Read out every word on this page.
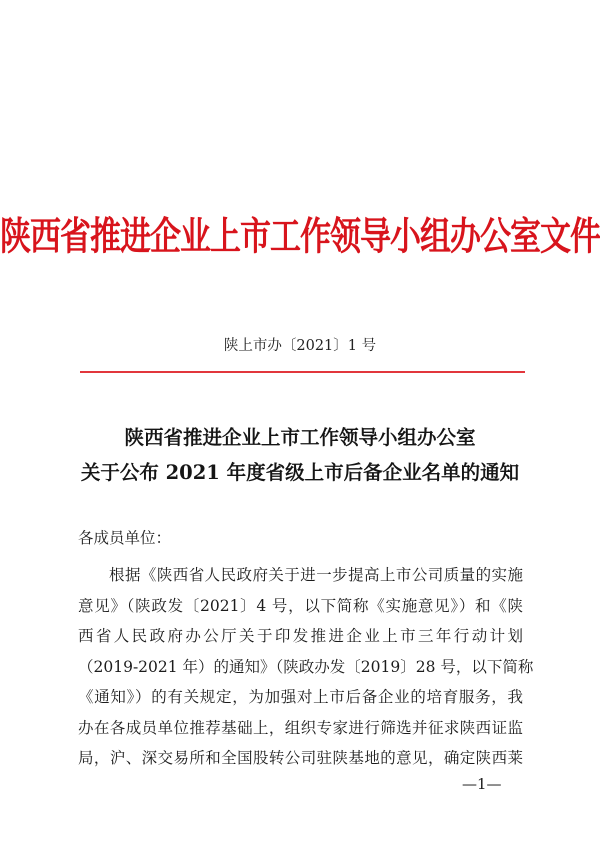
陕西省推进企业上市工作领导小组办公室文件
陕上市办〔2021〕1 号
陕西省推进企业上市工作领导小组办公室
关于公布 2021 年度省级上市后备企业名单的通知
各成员单位：
根据《陕西省人民政府关于进一步提高上市公司质量的实施
意见》（陕政发〔2021〕4 号，以下简称《实施意见》）和《陕
西省人民政府办公厅关于印发推进企业上市三年行动计划
（2019-2021 年）的通知》（陕政办发〔2019〕28 号，以下简称
《通知》）的有关规定，为加强对上市后备企业的培育服务，我
办在各成员单位推荐基础上，组织专家进行筛选并征求陕西证监
局，沪、深交易所和全国股转公司驻陕基地的意见，确定陕西莱
—1—
